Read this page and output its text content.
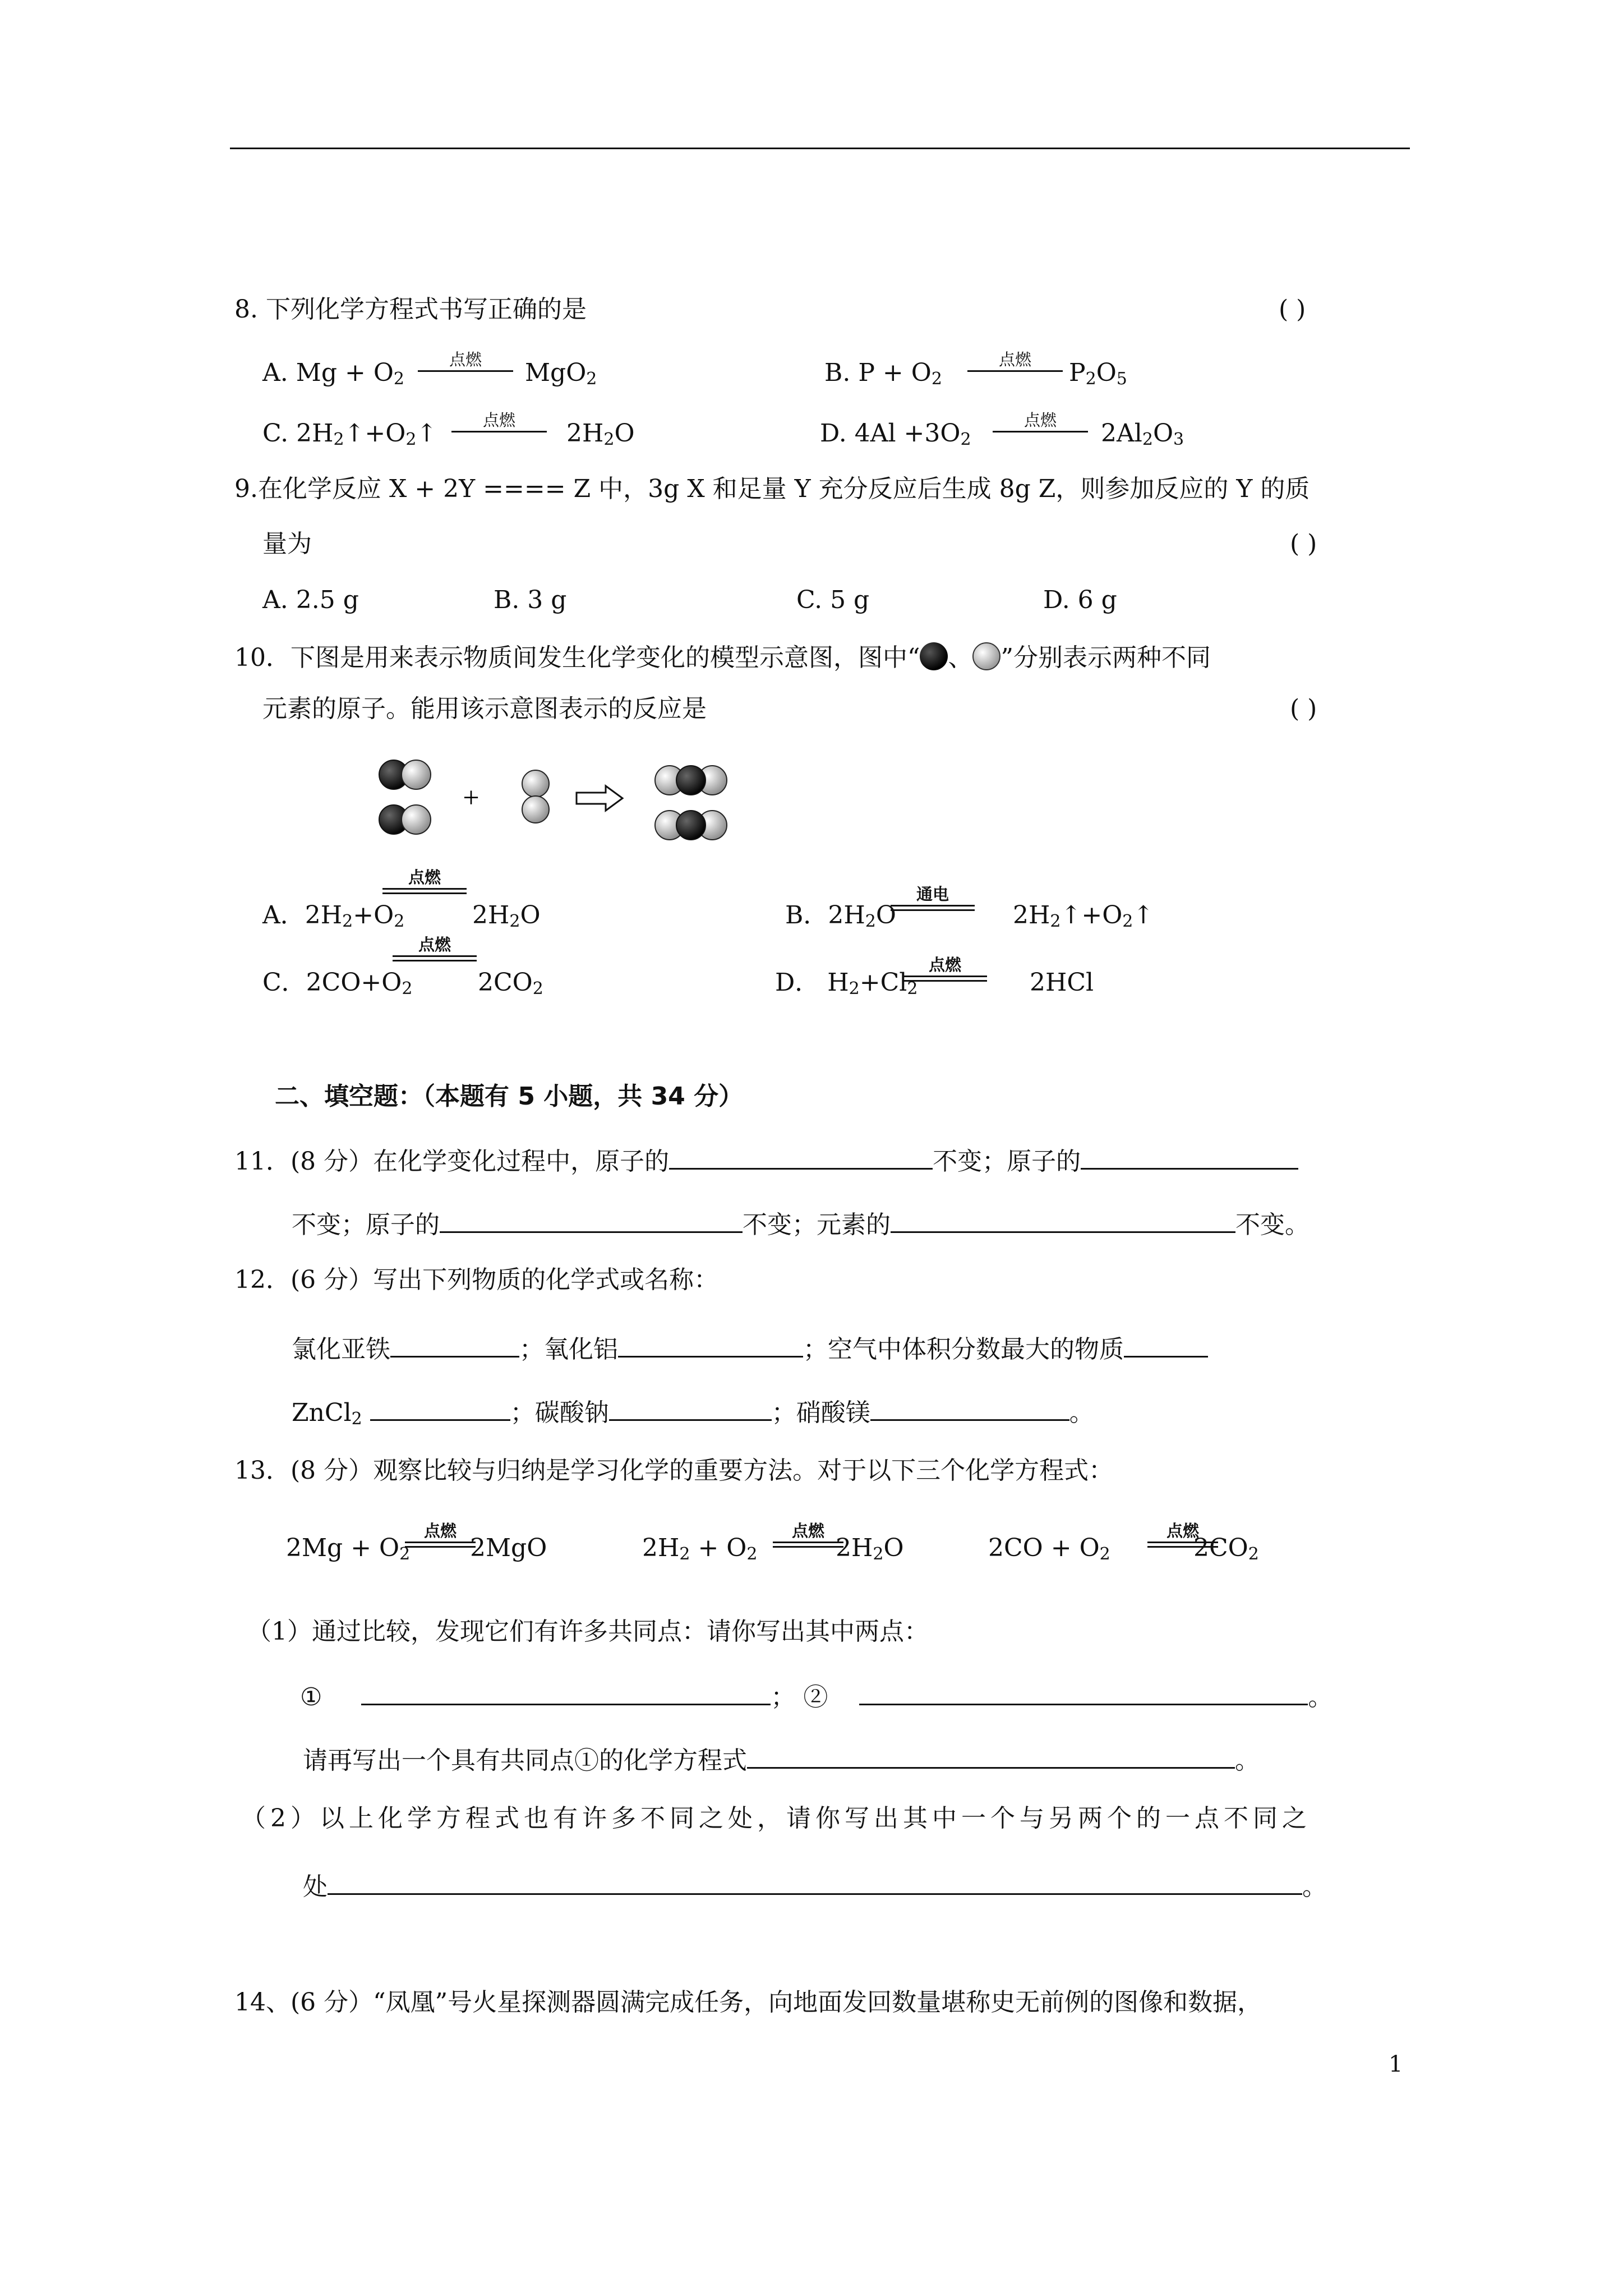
8. 下列化学方程式书写正确的是	( )
A. $Mg + O_2$
点燃	MgO$_2$	B. $P + O_2$
点燃	$P_2O_5$
C. $2H_2↑+O_2↑$	点燃	$2H_2O$	D. $4Al +3O_2$
点燃	$2Al_2O_3$
9.在化学反应 X + 2Y ==== Z 中，3g X 和足量 Y 充分反应后生成 8g Z，则参加反应的 Y 的质
量为	( )
A. 2.5 g	B. 3 g	C. 5 g	D. 6 g
10．下图是用来表示物质间发生化学变化的模型示意图，图中“ 、 ”分别表示两种不同
元素的原子。能用该示意图表示的反应是	( )
+
A．$2H_2+O_2$
点燃
$2H_2O$	B．$2H_2O$
通电
$2H_2↑+O_2↑$
C．$2CO+O_2$
点燃
$2CO_2$	D． $H_2+Cl_2$
点燃
2HCl
二、填空题：（本题有 5 小题，共 34 分）
11．(8 分）在化学变化过程中，原子的	不变；原子的
不变；原子的	不变；元素的	不变。
12．(6 分）写出下列物质的化学式或名称：
氯化亚铁	；氧化铝	；空气中体积分数最大的物质
ZnCl$_2$	；碳酸钠	；硝酸镁	。
13．(8 分）观察比较与归纳是学习化学的重要方法。对于以下三个化学方程式：
$2Mg + O_2$
点燃
2MgO	$2H_2 + O_2$
点燃
$2H_2O$	$2CO + O_2$
点燃
$2CO_2$
（1）通过比较，发现它们有许多共同点：请你写出其中两点：
①	； ②	。
请再写出一个具有共同点①的化学方程式	。
（2）以上化学方程式也有许多不同之处，请你写出其中一个与另两个的一点不同之
处	。
14、(6 分）“凤凰”号火星探测器圆满完成任务，向地面发回数量堪称史无前例的图像和数据，
1
